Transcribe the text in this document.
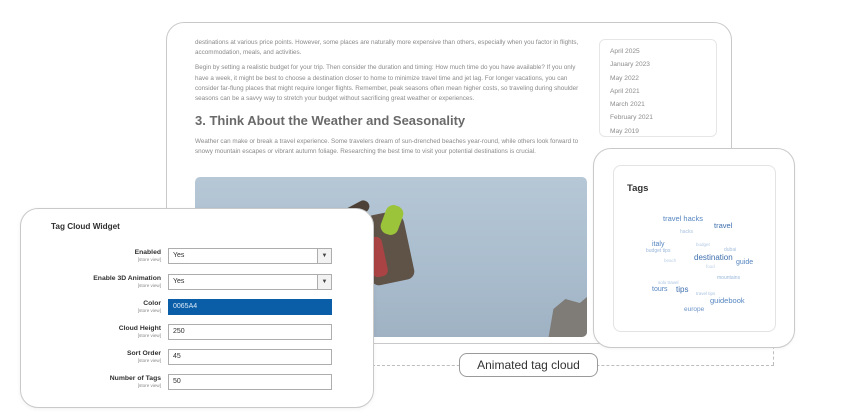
destinations at various price points. However, some places are naturally more expensive than others, especially when you factor in flights, accommodation, meals, and activities.

Begin by setting a realistic budget for your trip. Then consider the duration and timing: How much time do you have available? If you only have a week, it might be best to choose a destination closer to home to minimize travel time and jet lag. For longer vacations, you can consider far-flung places that might require longer flights. Remember, peak seasons often mean higher costs, so traveling during shoulder seasons can be a savvy way to stretch your budget without sacrificing great weather or experiences.

3. Think About the Weather and Seasonality

Weather can make or break a travel experience. Some travelers dream of sun-drenched beaches year-round, while others look forward to snowy mountain escapes or vibrant autumn foliage. Researching the best time to visit your potential destinations is crucial.

April 2025
January 2023
May 2022
April 2021
March 2021
February 2021
May 2019
Animated tag cloud
Tags
travel hacks
travel
hacks
italy	budget
budget tips	dubai
destination
guide
beach
food
mountains
solo travel
tours tips travel tips
guidebook
europe
Tag Cloud Widget
Enabled
[store view]
Yes	▼
Enable 3D Animation
[store view]
Yes	▼
Color
[store view]
0065A4
Cloud Height
[store view]
250
Sort Order
[store view]
45
Number of Tags
[store view]
50
